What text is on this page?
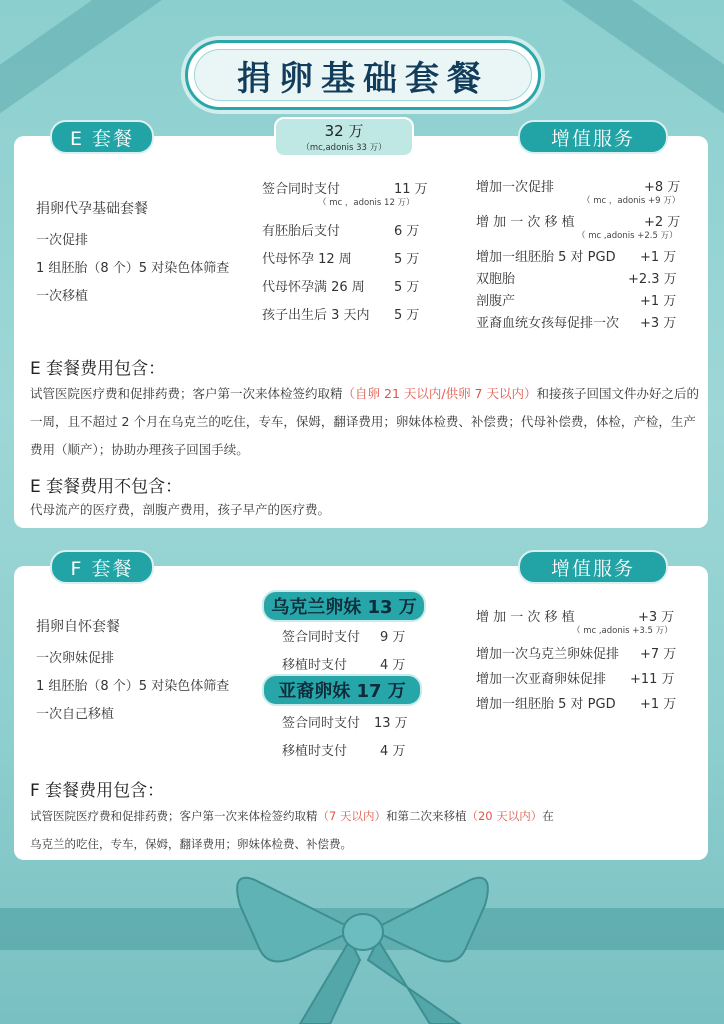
捐卵基础套餐
E 套餐	32 万
（mc,adonis 33 万）	增值服务
捐卵代孕基础套餐
一次促排
1 组胚胎（8 个）5 对染色体筛查
一次移植
签合同时支付	11 万
（ mc ，adonis 12 万）
有胚胎后支付	6 万
代母怀孕 12 周	5 万
代母怀孕满 26 周 5 万
孩子出生后 3 天内 5 万
增加一次促排	+8 万
（ mc ，adonis +9 万）
增 加 一 次 移 植	+2 万
（ mc ,adonis +2.5 万）
增加一组胚胎 5 对 PGD +1 万
双胞胎	+2.3 万
剖腹产	+1 万
亚裔血统女孩每促排一次 +3 万
E 套餐费用包含：
试管医院医疗费和促排药费；客户第一次来体检签约取精（自卵 21 天以内/供卵 7 天以内）和接孩子回国文件办好之后的一周，且不超过 2 个月在乌克兰的吃住，专车，保姆，翻译费用；卵妹体检费、补偿费；代母补偿费，体检，产检，生产费用（顺产）；协助办理孩子回国手续。
E 套餐费用不包含：
代母流产的医疗费，剖腹产费用，孩子早产的医疗费。
F 套餐	增值服务
捐卵自怀套餐
一次卵妹促排
1 组胚胎（8 个）5 对染色体筛查
一次自己移植
乌克兰卵妹 13 万
签合同时支付 9 万
移植时支付	4 万
亚裔卵妹 17 万
签合同时支付 13 万
移植时支付	4 万
增 加 一 次 移 植	+3 万
（ mc ,adonis +3.5 万）
增加一次乌克兰卵妹促排 +7 万
增加一次亚裔卵妹促排 +11 万
增加一组胚胎 5 对 PGD +1 万
F 套餐费用包含：
试管医院医疗费和促排药费；客户第一次来体检签约取精（7 天以内）和第二次来移植（20 天以内）在
乌克兰的吃住，专车，保姆，翻译费用；卵妹体检费、补偿费。
